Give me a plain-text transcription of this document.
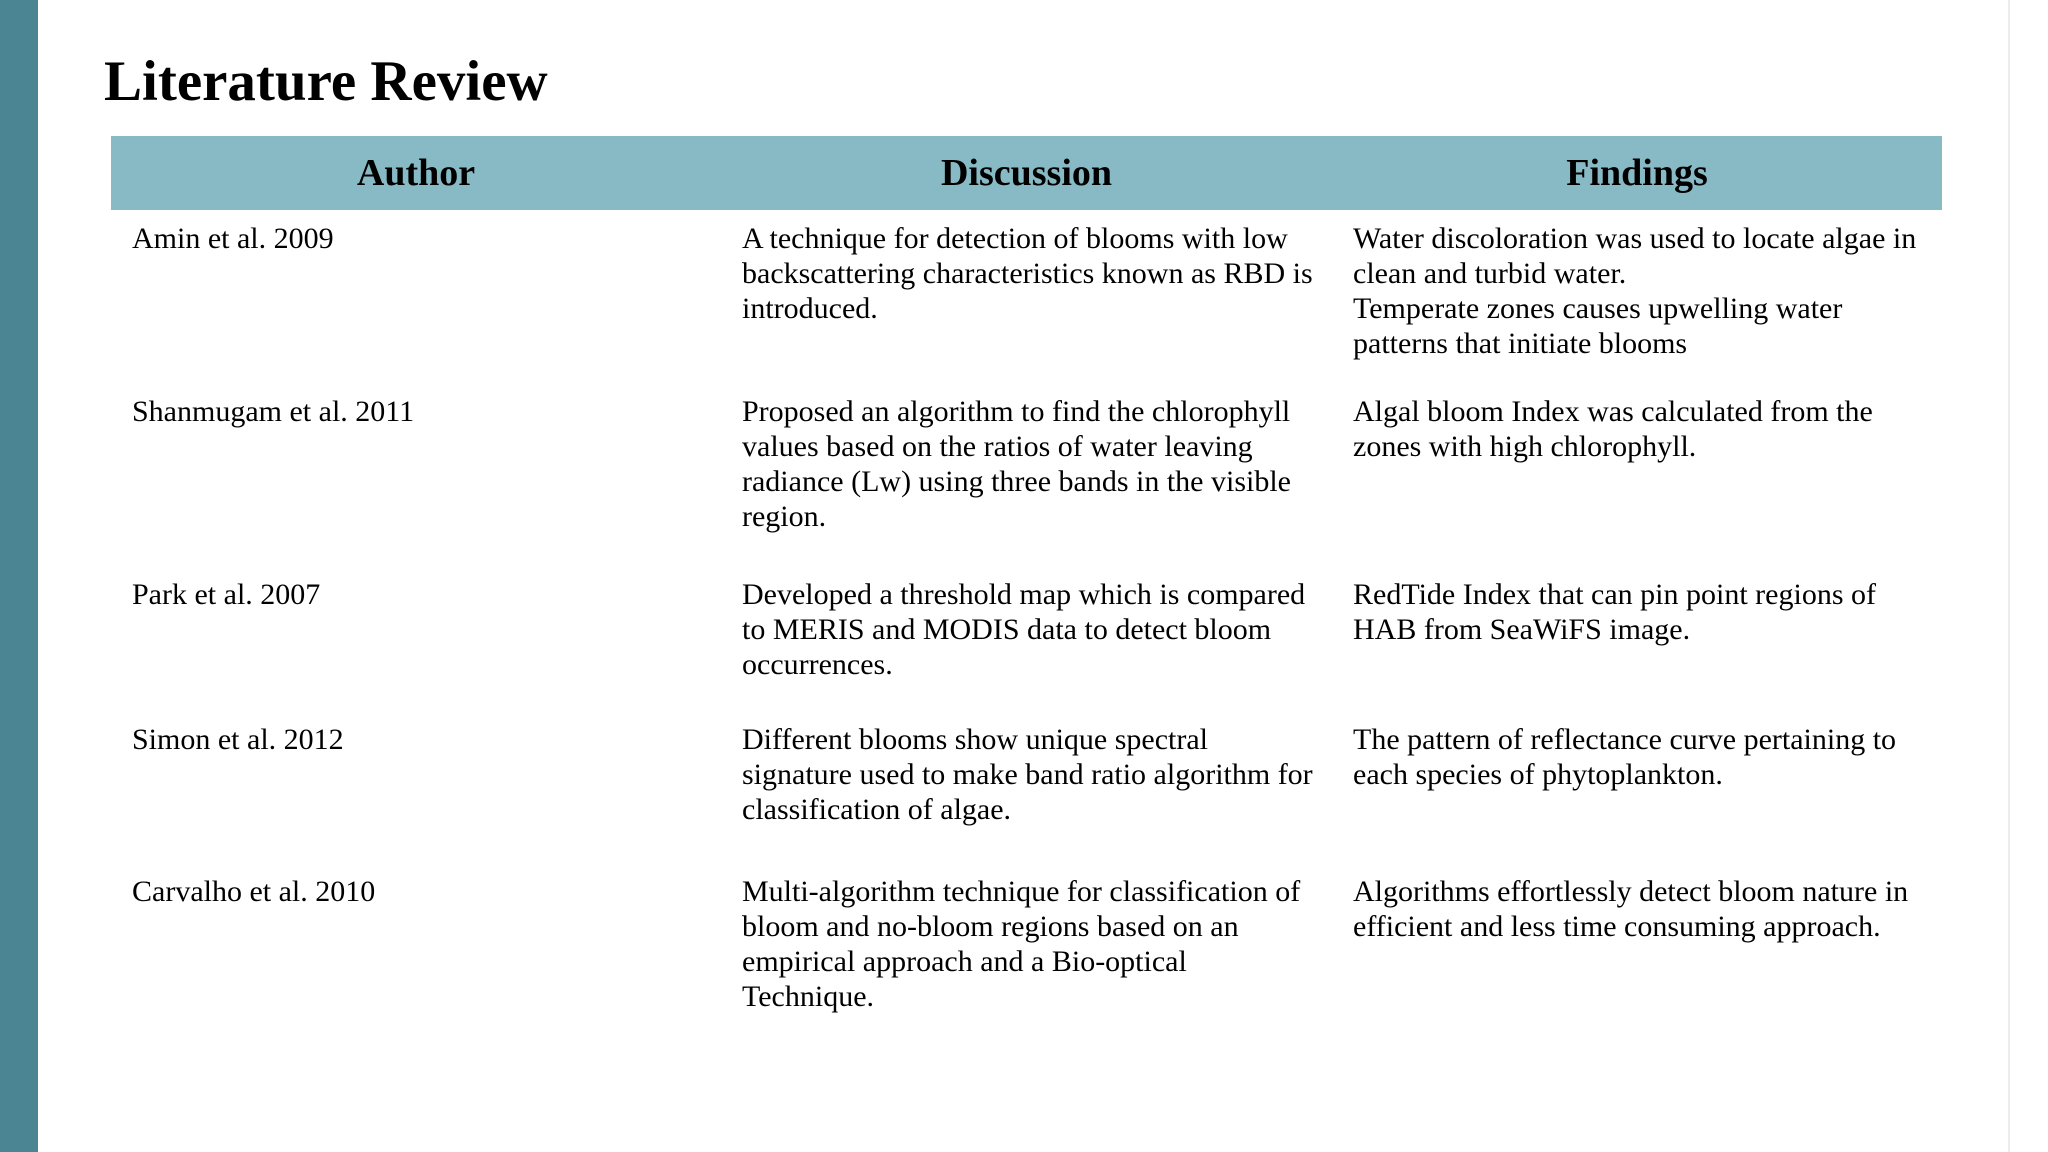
Literature Review
Author	Discussion	Findings

Amin et al. 2009	A technique for detection of blooms with low backscattering characteristics known as RBD is introduced.	Water discoloration was used to locate algae in clean and turbid water.
Temperate zones causes upwelling water patterns that initiate blooms

Shanmugam et al. 2011	Proposed an algorithm to find the chlorophyll values based on the ratios of water leaving radiance (Lw) using three bands in the visible region.	Algal bloom Index was calculated from the zones with high chlorophyll.

Park et al. 2007	Developed a threshold map which is compared to MERIS and MODIS data to detect bloom occurrences.	RedTide Index that can pin point regions of HAB from SeaWiFS image.

Simon et al. 2012	Different blooms show unique spectral signature used to make band ratio algorithm for classification of algae.	The pattern of reflectance curve pertaining to each species of phytoplankton.

Carvalho et al. 2010	Multi-algorithm technique for classification of bloom and no-bloom regions based on an empirical approach and a Bio-optical Technique.	Algorithms effortlessly detect bloom nature in efficient and less time consuming approach.
